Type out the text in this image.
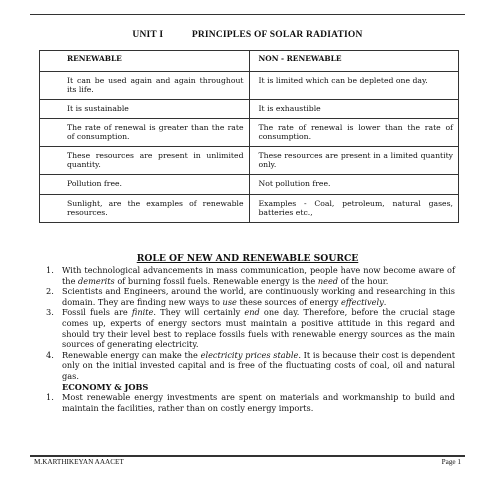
UNIT I	PRINCIPLES OF SOLAR RADIATION
RENEWABLE	NON - RENEWABLE
It can be used again and again throughout its life.	It is limited which can be depleted one day.
It is sustainable	It is exhaustible
The rate of renewal is greater than the rate of consumption.	The rate of renewal is lower than the rate of consumption.
These resources are present in unlimited quantity.	These resources are present in a limited quantity only.
Pollution free.	Not pollution free.
Sunlight, are the examples of renewable resources.	Examples - Coal, petroleum, natural gases, batteries etc.,
ROLE OF NEW AND RENEWABLE SOURCE
1. With technological advancements in mass communication, people have now become aware of the demerits of burning fossil fuels. Renewable energy is the need of the hour.
2. Scientists and Engineers, around the world, are continuously working and researching in this domain. They are finding new ways to use these sources of energy effectively.
3. Fossil fuels are finite. They will certainly end one day. Therefore, before the crucial stage comes up, experts of energy sectors must maintain a positive attitude in this regard and should try their level best to replace fossils fuels with renewable energy sources as the main sources of generating electricity.
4. Renewable energy can make the electricity prices stable. It is because their cost is dependent only on the initial invested capital and is free of the fluctuating costs of coal, oil and natural gas.
ECONOMY & JOBS
1. Most renewable energy investments are spent on materials and workmanship to build and maintain the facilities, rather than on costly energy imports.
M.KARTHIKEYAN AAACET	Page 1
